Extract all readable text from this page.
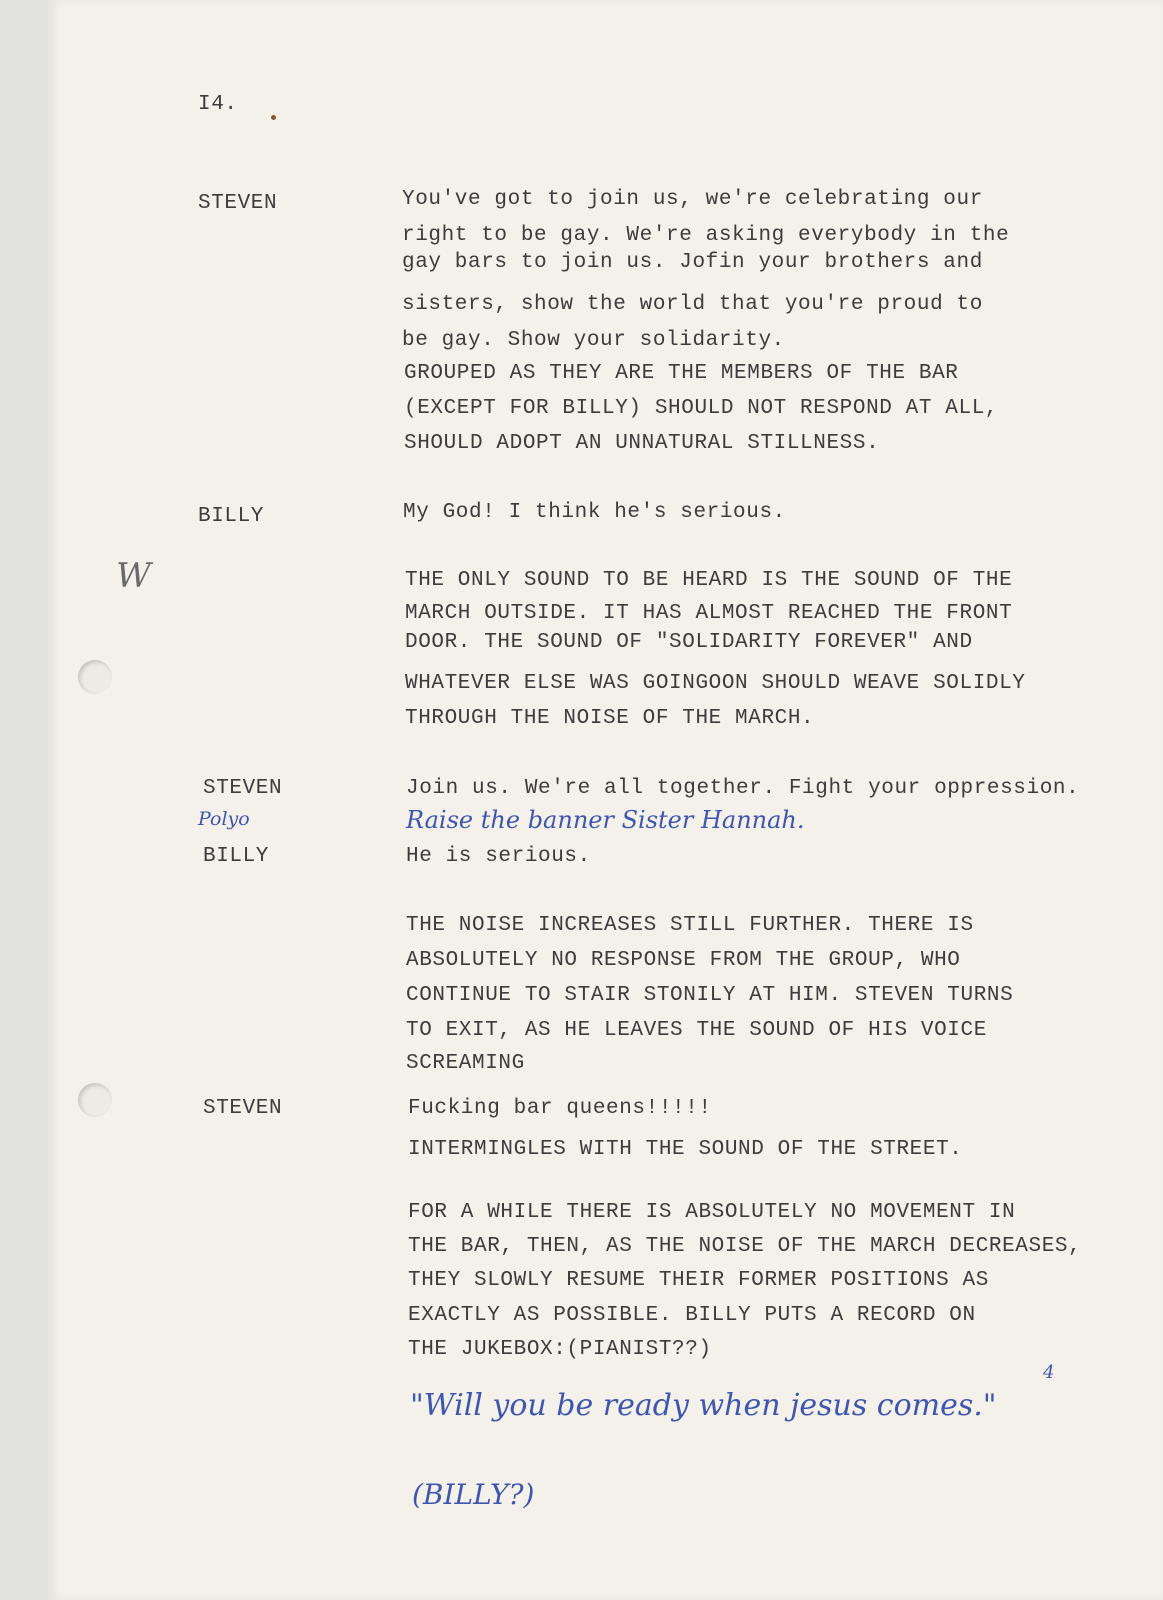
I4.

STEVEN	You've got to join us, we're celebrating our

right to be gay. We're asking everybody in the

gay bars to join us. Jofin your brothers and

sisters, show the world that you're proud to

be gay. Show your solidarity.

GROUPED AS THEY ARE THE MEMBERS OF THE BAR

(EXCEPT FOR BILLY) SHOULD NOT RESPOND AT ALL,

SHOULD ADOPT AN UNNATURAL STILLNESS.

BILLY	My God! I think he's serious.

W	THE ONLY SOUND TO BE HEARD IS THE SOUND OF THE

MARCH OUTSIDE. IT HAS ALMOST REACHED THE FRONT

DOOR. THE SOUND OF "SOLIDARITY FOREVER" AND

WHATEVER ELSE WAS GOINGOON SHOULD WEAVE SOLIDLY

THROUGH THE NOISE OF THE MARCH.

STEVEN	Join us. We're all together. Fight your oppression.

Polyo	Raise the banner Sister Hannah.

BILLY	He is serious.

THE NOISE INCREASES STILL FURTHER. THERE IS

ABSOLUTELY NO RESPONSE FROM THE GROUP, WHO

CONTINUE TO STAIR STONILY AT HIM. STEVEN TURNS

TO EXIT, AS HE LEAVES THE SOUND OF HIS VOICE

SCREAMING

STEVEN	Fucking bar queens!!!!!

INTERMINGLES WITH THE SOUND OF THE STREET.

FOR A WHILE THERE IS ABSOLUTELY NO MOVEMENT IN

THE BAR, THEN, AS THE NOISE OF THE MARCH DECREASES,

THEY SLOWLY RESUME THEIR FORMER POSITIONS AS

EXACTLY AS POSSIBLE. BILLY PUTS A RECORD ON

THE JUKEBOX:(PIANIST??)

"Will you be ready when jesus comes."
4
(BILLY?)
